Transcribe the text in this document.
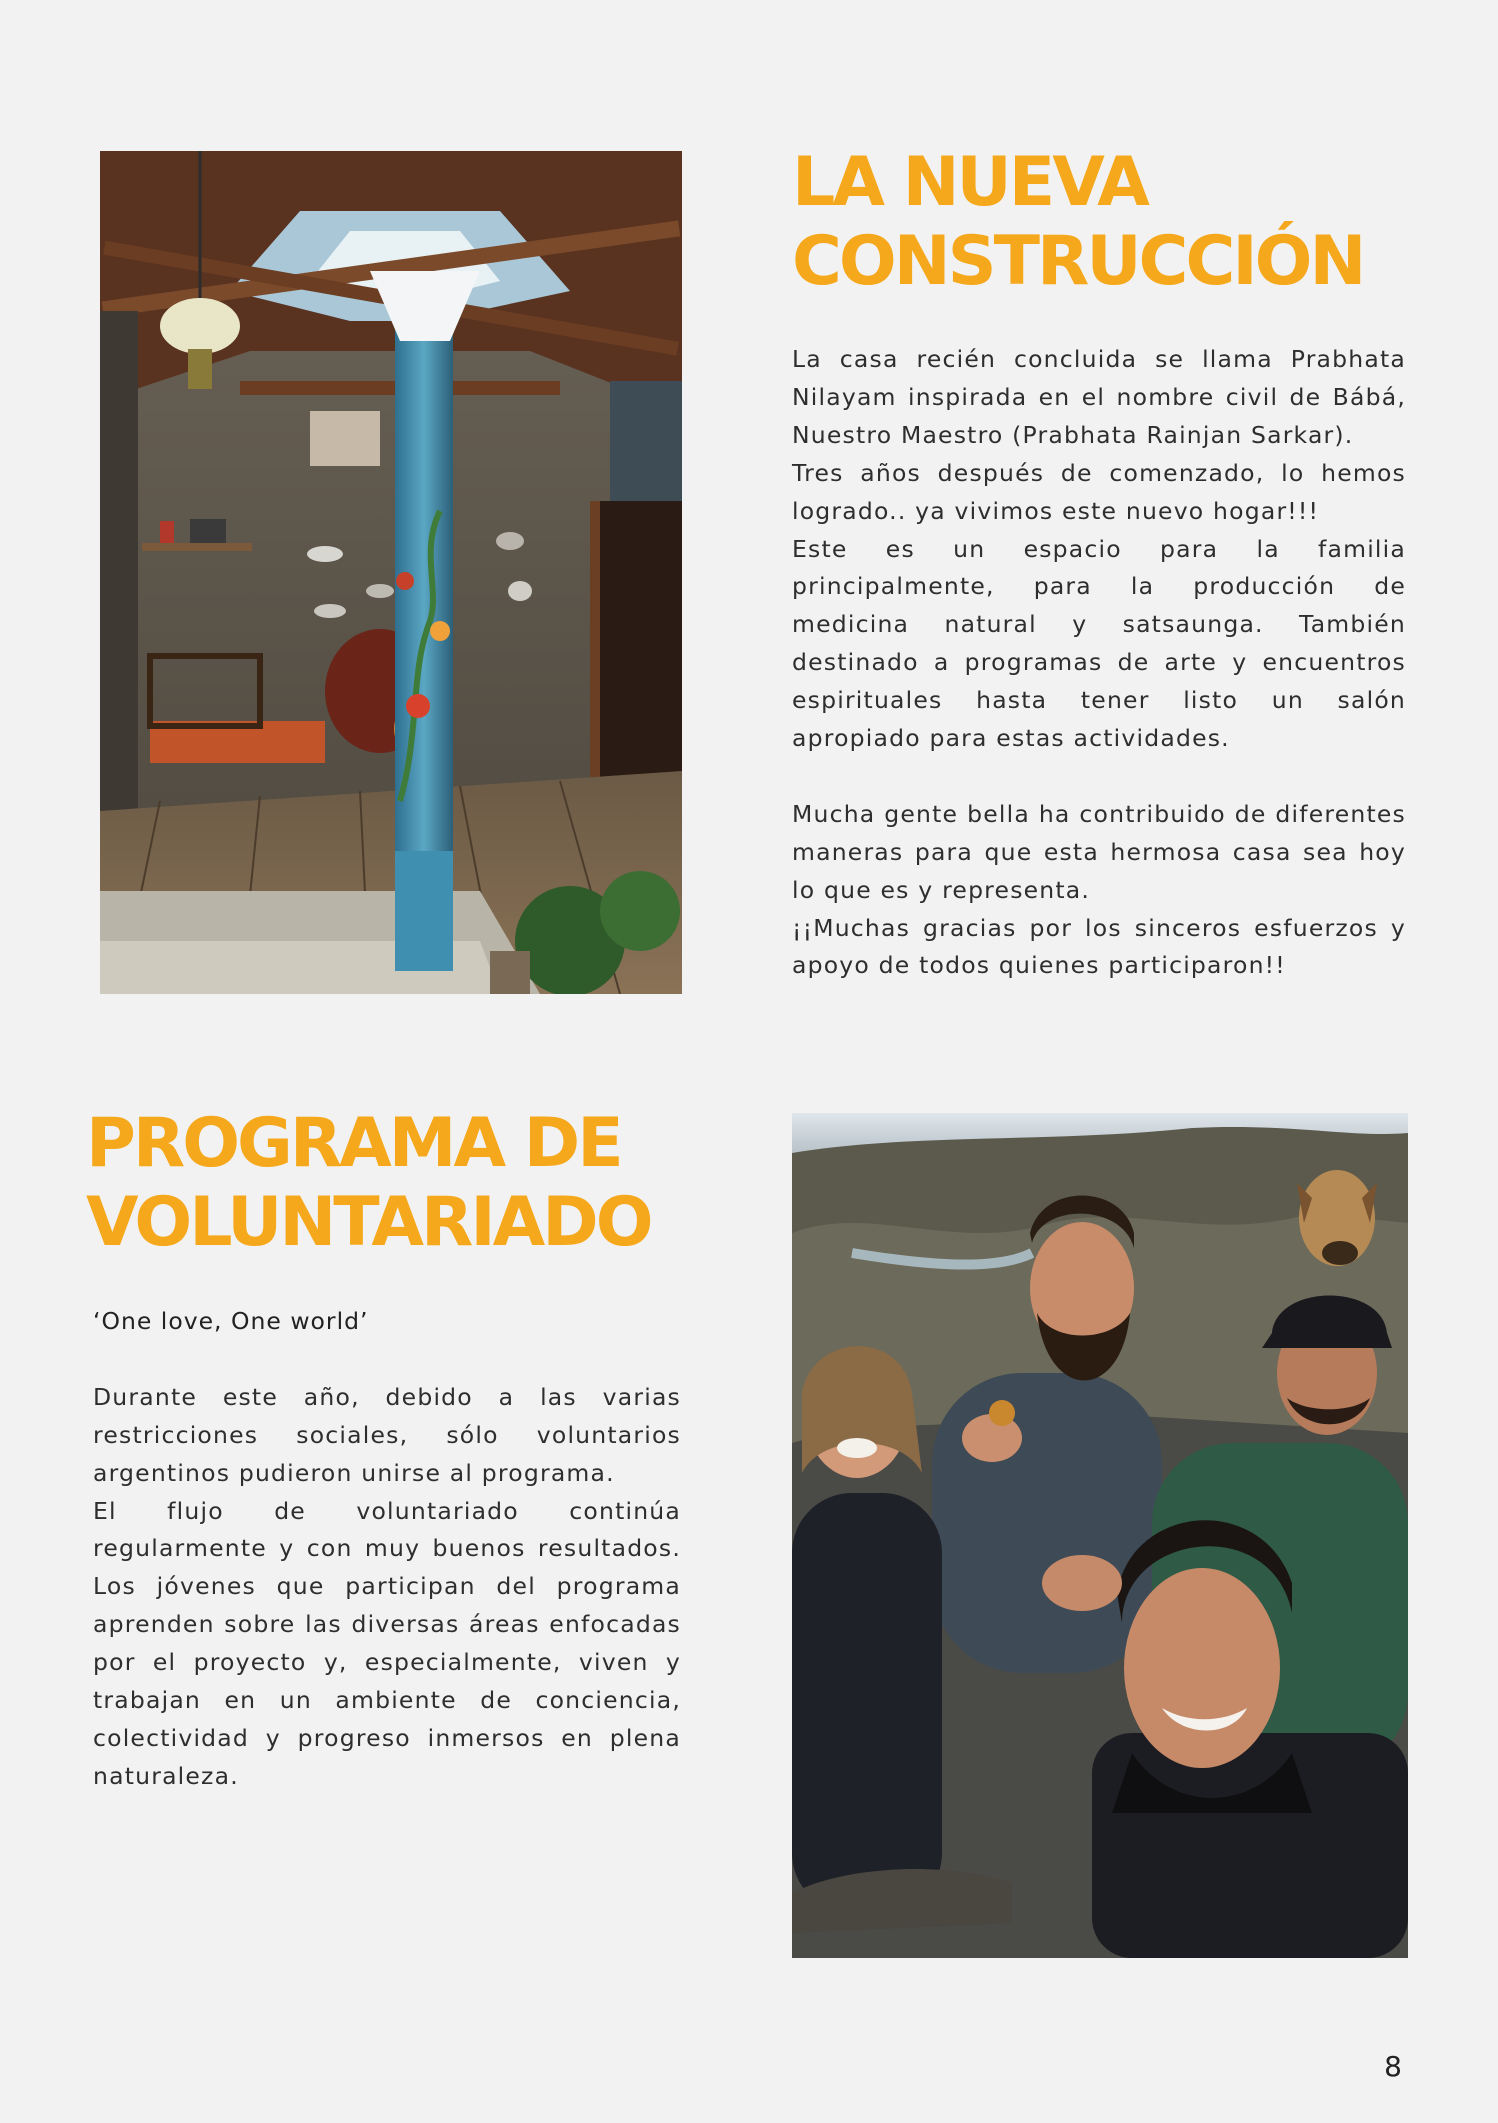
LA NUEVA
CONSTRUCCIÓN

La casa recién concluida se llama Prabhata Nilayam inspirada en el nombre civil de Bábá, Nuestro Maestro (Prabhata Rainjan Sarkar).

Tres años después de comenzado, lo hemos logrado.. ya vivimos este nuevo hogar!!!

Este es un espacio para la familia principalmente, para la producción de medicina natural y satsaunga. También destinado a programas de arte y encuentros espirituales hasta tener listo un salón apropiado para estas actividades.

Mucha gente bella ha contribuido de diferentes maneras para que esta hermosa casa sea hoy lo que es y representa.

¡¡Muchas gracias por los sinceros esfuerzos y apoyo de todos quienes participaron!!

PROGRAMA DE
VOLUNTARIADO

‘One love, One world’

Durante este año, debido a las varias restricciones sociales, sólo voluntarios argentinos pudieron unirse al programa.

El flujo de voluntariado continúa regularmente y con muy buenos resultados. Los jóvenes que participan del programa aprenden sobre las diversas áreas enfocadas por el proyecto y, especialmente, viven y trabajan en un ambiente de conciencia, colectividad y progreso inmersos en plena naturaleza.

8
